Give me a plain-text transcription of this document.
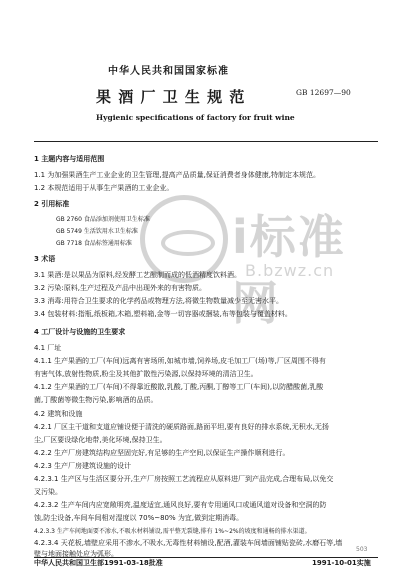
中华人民共和国国家标准
GB 12697—90
果 酒 厂 卫 生 规 范
Hygienic specifications of factory for fruit wine
i标准网
B.bzwz.cn
1 主题内容与适用范围
1.1 为加强果酒生产工业企业的卫生管理,提高产品质量,保证消费者身体健康,特制定本规范。
1.2 本规范适用于从事生产果酒的工业企业。
2 引用标准
GB 2760 食品添加剂使用卫生标准
GB 5749 生活饮用水卫生标准
GB 7718 食品标签通用标准
3 术语
3.1 果酒:是以果品为原料,经发酵工艺酿制而成的低酒精度饮料酒。
3.2 污染:原料,生产过程及产品中出现外来的有害物质。
3.3 消毒:用符合卫生要求的化学药品或物理方法,将微生物数量减少至无害水平。
3.4 包装材料:指瓶,纸板箱,木箱,塑料箱,金等一切容器或捆装,布等包装与覆盖材料。
4 工厂设计与设施的卫生要求
4.1 厂址
4.1.1 生产果酒的工厂(车间)远离有害场所,如城市墙,饲养场,皮毛加工厂(场)等,厂区周围不得有
有害气体,放射性物质,粉尘及其他扩散性污染源,以保持环境的清洁卫生。
4.1.2 生产果酒的工厂(车间)不得靠近酸散,乳酸,丁酸,丙酮,丁醇等工厂(车间),以防醋酸菌,乳酸
菌,丁酸菌等微生物污染,影响酒的品质。
4.2 建筑和设施
4.2.1 厂区主干道和支道应铺设便于清洗的硬质路面,路面平坦,要有良好的排水系统,无积水,无扬
尘,厂区要设绿化地带,美化环境,保持卫生。
4.2.2 生产厂房建筑结构应坚固完好,有足够的生产空间,以保证生产操作顺利进行。
4.2.3 生产厂房建筑设施的设计
4.2.3.1 生产区与生活区要分开,生产厂房按照工艺流程应从原料进厂到产品完成,合理布局,以免交
叉污染。
4.2.3.2 生产车间内应宽敞明亮,温度适宜,通风良好,要有专用通风口或通风道对设备和空洞的防
蚀,防尘设备,车间车间相对湿度以 70%~80% 为宜,做到定期消毒。
4.2.3.3 生产车间地面要不渗水,不吸水材料铺设,需平整无裂缝,排有 1%~2%的坡度和通畅的排水渠道。
4.2.3.4 天花板,墙壁应采用不渗水,不吸水,无毒性材料铺设,配酒,灌装车间墙面铺贴瓷砖,水磨石等,墙
壁与地面接触处应为弧形。
中华人民共和国卫生部1991-03-18批准	1991-10-01实施
503
